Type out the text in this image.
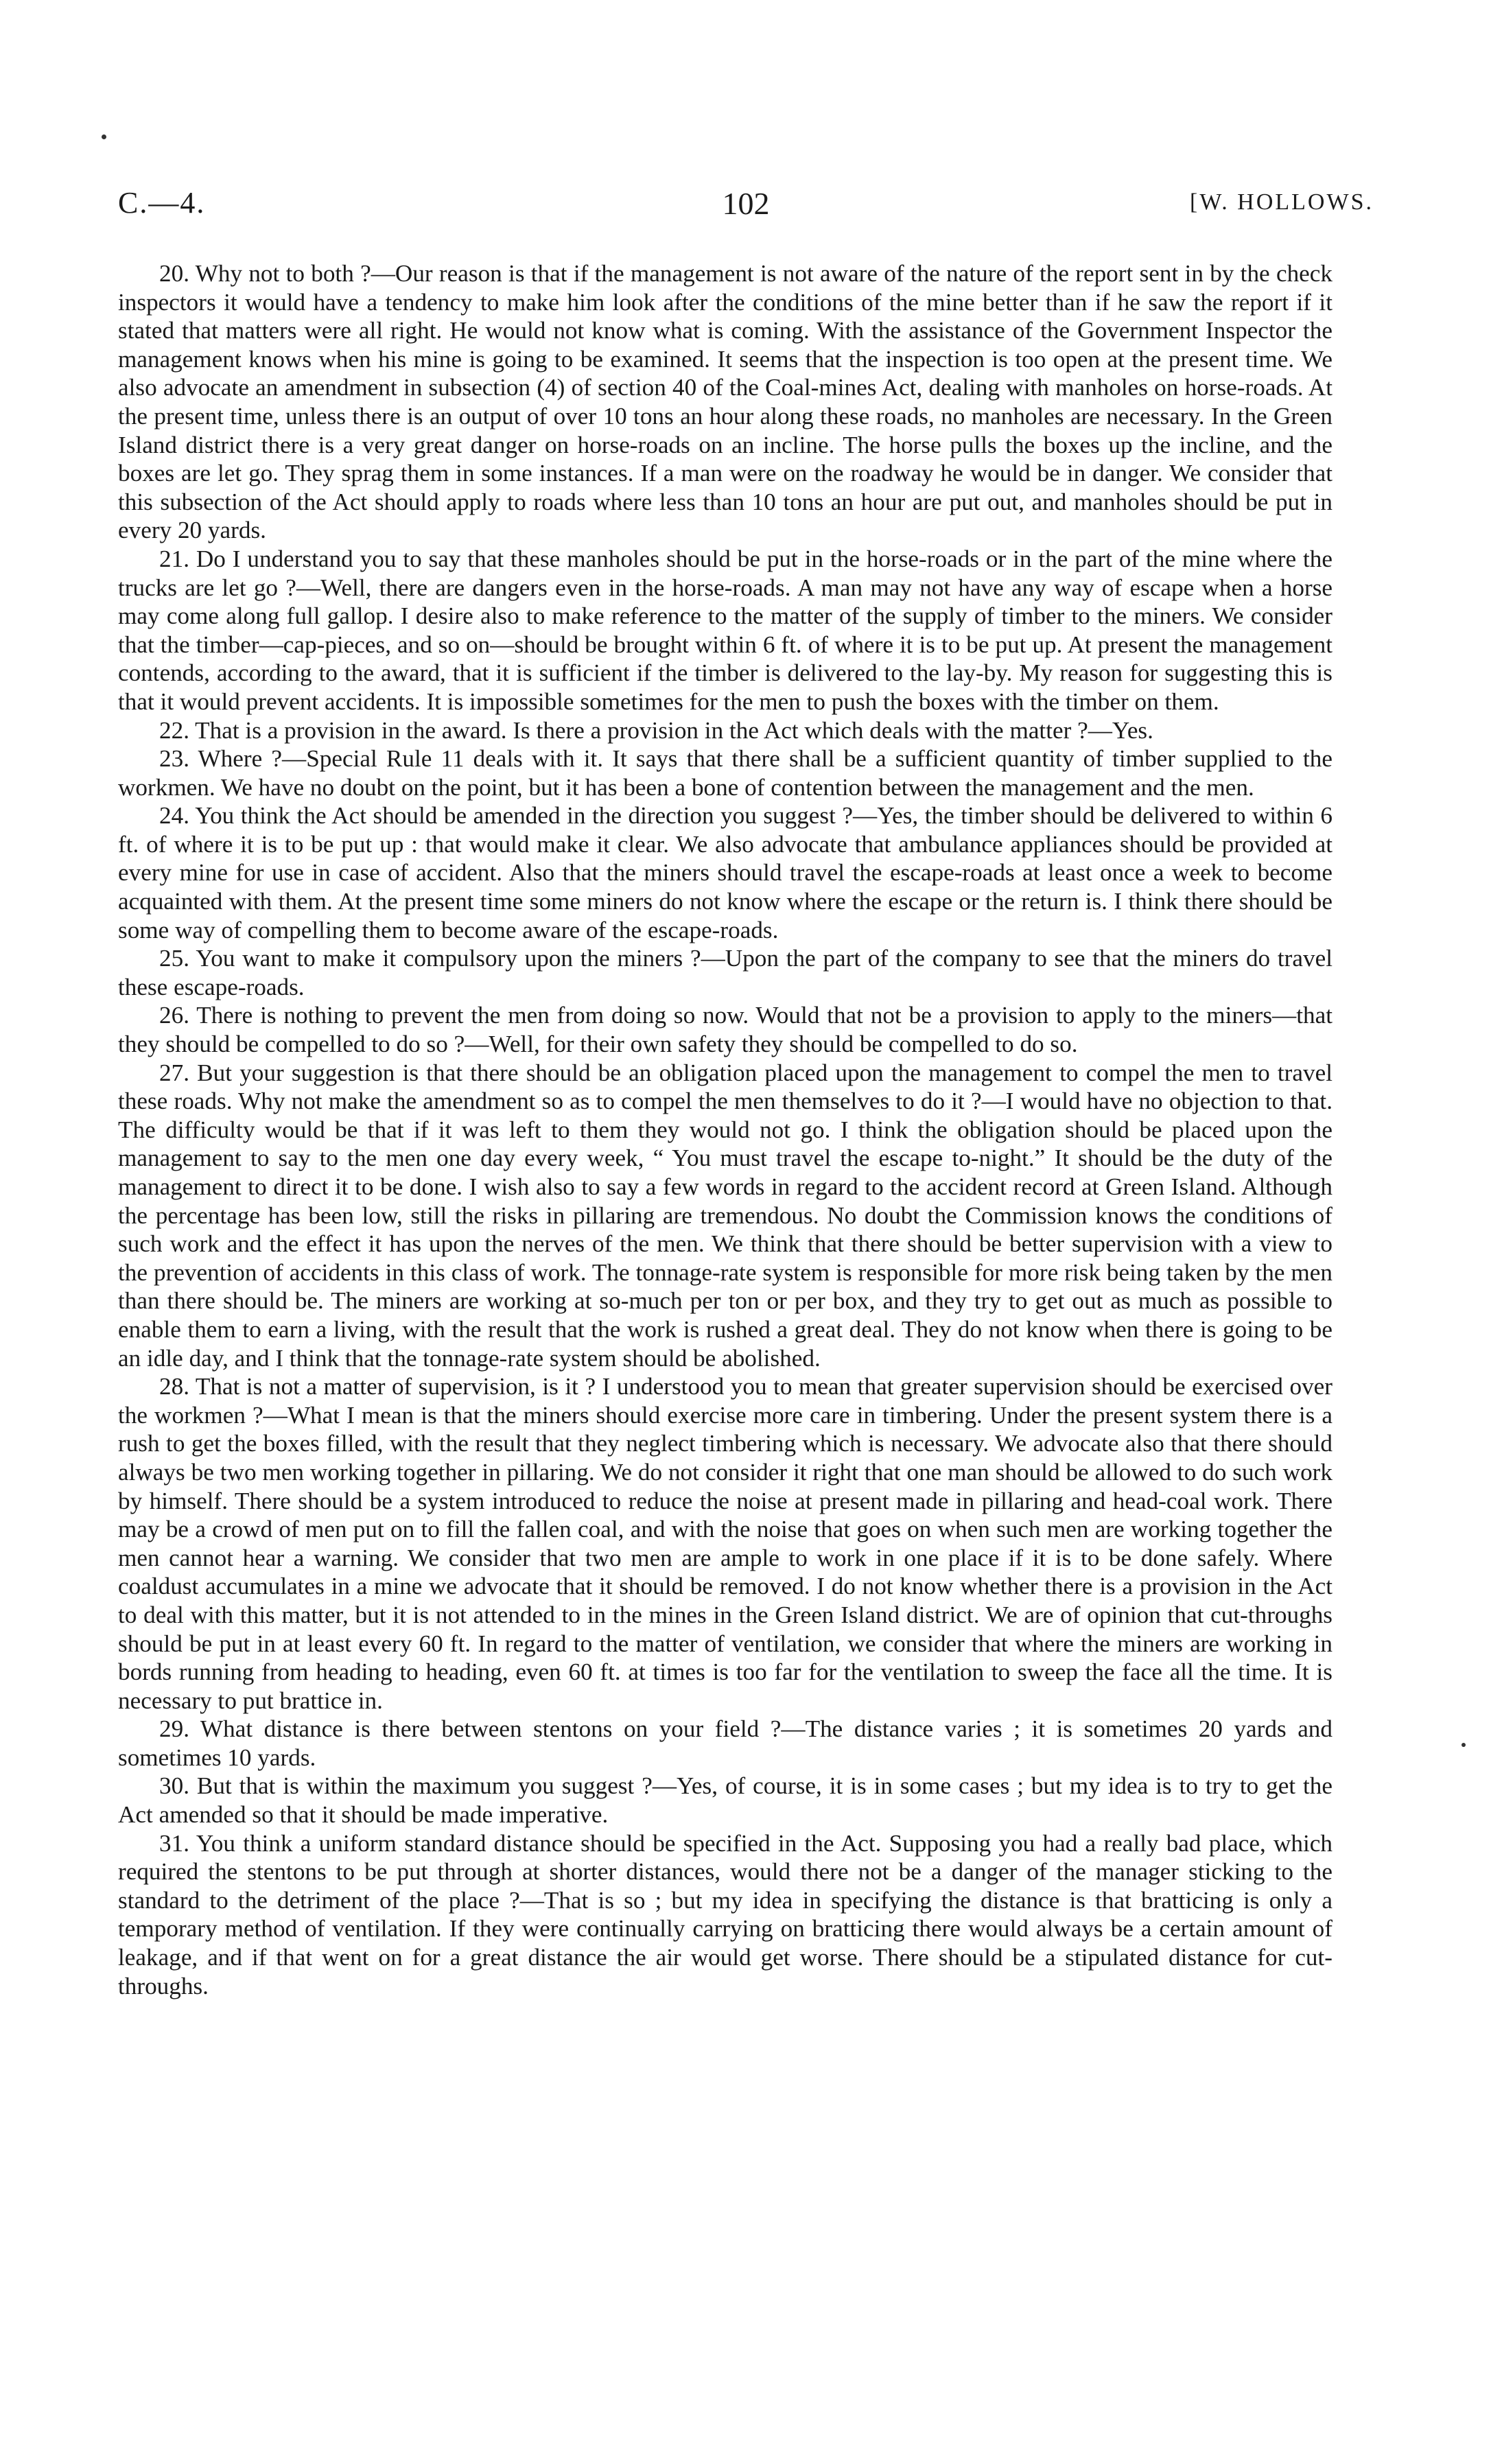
C.—4.	102	[W. HOLLOWS.

20. Why not to both ?—Our reason is that if the management is not aware of the nature of the report sent in by the check inspectors it would have a tendency to make him look after the conditions of the mine better than if he saw the report if it stated that matters were all right. He would not know what is coming. With the assistance of the Government Inspector the management knows when his mine is going to be examined. It seems that the inspection is too open at the present time. We also advocate an amendment in subsection (4) of section 40 of the Coal-mines Act, dealing with manholes on horse-roads. At the present time, unless there is an output of over 10 tons an hour along these roads, no manholes are necessary. In the Green Island district there is a very great danger on horse-roads on an incline. The horse pulls the boxes up the incline, and the boxes are let go. They sprag them in some instances. If a man were on the roadway he would be in danger. We consider that this subsection of the Act should apply to roads where less than 10 tons an hour are put out, and manholes should be put in every 20 yards.

21. Do I understand you to say that these manholes should be put in the horse-roads or in the part of the mine where the trucks are let go ?—Well, there are dangers even in the horse-roads. A man may not have any way of escape when a horse may come along full gallop. I desire also to make reference to the matter of the supply of timber to the miners. We consider that the timber—cap-pieces, and so on—should be brought within 6 ft. of where it is to be put up. At present the management contends, according to the award, that it is sufficient if the timber is delivered to the lay-by. My reason for suggesting this is that it would prevent accidents. It is impossible sometimes for the men to push the boxes with the timber on them.

22. That is a provision in the award. Is there a provision in the Act which deals with the matter ?—Yes.

23. Where ?—Special Rule 11 deals with it. It says that there shall be a sufficient quantity of timber supplied to the workmen. We have no doubt on the point, but it has been a bone of contention between the management and the men.

24. You think the Act should be amended in the direction you suggest ?—Yes, the timber should be delivered to within 6 ft. of where it is to be put up : that would make it clear. We also advocate that ambulance appliances should be provided at every mine for use in case of accident. Also that the miners should travel the escape-roads at least once a week to become acquainted with them. At the present time some miners do not know where the escape or the return is. I think there should be some way of compelling them to become aware of the escape-roads.

25. You want to make it compulsory upon the miners ?—Upon the part of the company to see that the miners do travel these escape-roads.

26. There is nothing to prevent the men from doing so now. Would that not be a provision to apply to the miners—that they should be compelled to do so ?—Well, for their own safety they should be compelled to do so.

27. But your suggestion is that there should be an obligation placed upon the management to compel the men to travel these roads. Why not make the amendment so as to compel the men themselves to do it ?—I would have no objection to that. The difficulty would be that if it was left to them they would not go. I think the obligation should be placed upon the management to say to the men one day every week, “ You must travel the escape to-night.” It should be the duty of the management to direct it to be done. I wish also to say a few words in regard to the accident record at Green Island. Although the percentage has been low, still the risks in pillaring are tremendous. No doubt the Commission knows the conditions of such work and the effect it has upon the nerves of the men. We think that there should be better supervision with a view to the prevention of accidents in this class of work. The tonnage-rate system is responsible for more risk being taken by the men than there should be. The miners are working at so-much per ton or per box, and they try to get out as much as possible to enable them to earn a living, with the result that the work is rushed a great deal. They do not know when there is going to be an idle day, and I think that the tonnage-rate system should be abolished.

28. That is not a matter of supervision, is it ? I understood you to mean that greater supervision should be exercised over the workmen ?—What I mean is that the miners should exercise more care in timbering. Under the present system there is a rush to get the boxes filled, with the result that they neglect timbering which is necessary. We advocate also that there should always be two men working together in pillaring. We do not consider it right that one man should be allowed to do such work by himself. There should be a system introduced to reduce the noise at present made in pillaring and head-coal work. There may be a crowd of men put on to fill the fallen coal, and with the noise that goes on when such men are working together the men cannot hear a warning. We consider that two men are ample to work in one place if it is to be done safely. Where coaldust accumulates in a mine we advocate that it should be removed. I do not know whether there is a provision in the Act to deal with this matter, but it is not attended to in the mines in the Green Island district. We are of opinion that cut-throughs should be put in at least every 60 ft. In regard to the matter of ventilation, we consider that where the miners are working in bords running from heading to heading, even 60 ft. at times is too far for the ventilation to sweep the face all the time. It is necessary to put brattice in.

29. What distance is there between stentons on your field ?—The distance varies ; it is sometimes 20 yards and sometimes 10 yards.

30. But that is within the maximum you suggest ?—Yes, of course, it is in some cases ; but my idea is to try to get the Act amended so that it should be made imperative.

31. You think a uniform standard distance should be specified in the Act. Supposing you had a really bad place, which required the stentons to be put through at shorter distances, would there not be a danger of the manager sticking to the standard to the detriment of the place ?—That is so ; but my idea in specifying the distance is that bratticing is only a temporary method of ventilation. If they were continually carrying on bratticing there would always be a certain amount of leakage, and if that went on for a great distance the air would get worse. There should be a stipulated distance for cut-throughs.
